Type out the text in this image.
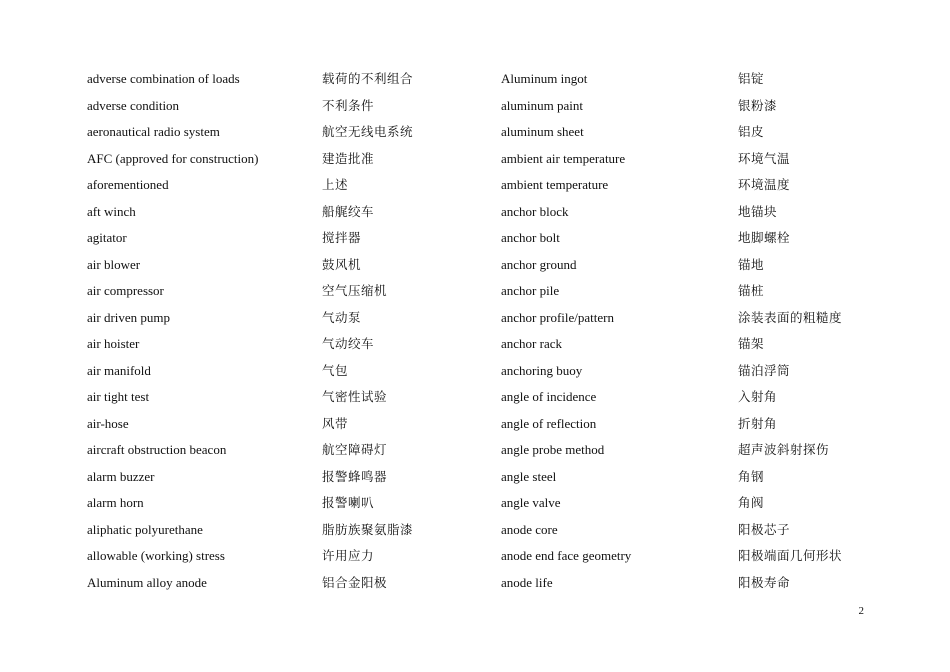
adverse combination of loads
adverse condition
aeronautical radio system
AFC (approved for construction)
aforementioned
aft winch
agitator
air blower
air compressor
air driven pump
air hoister
air manifold
air tight test
air-hose
aircraft obstruction beacon
alarm buzzer
alarm horn
aliphatic polyurethane
allowable (working) stress
Aluminum alloy anode
载荷的不利组合
不利条件
航空无线电系统
建造批准
上述
船艉绞车
搅拌器
鼓风机
空气压缩机
气动泵
气动绞车
气包
气密性试验
风带
航空障碍灯
报警蜂鸣器
报警喇叭
脂肪族聚氨脂漆
许用应力
铝合金阳极
Aluminum ingot
aluminum paint
aluminum sheet
ambient air temperature
ambient temperature
anchor block
anchor bolt
anchor ground
anchor pile
anchor profile/pattern
anchor rack
anchoring buoy
angle of incidence
angle of reflection
angle probe method
angle steel
angle valve
anode core
anode end face geometry
anode life
铝锭
银粉漆
铝皮
环境气温
环境温度
地锚块
地脚螺栓
锚地
锚桩
涂装表面的粗糙度
锚架
锚泊浮筒
入射角
折射角
超声波斜射探伤
角钢
角阀
阳极芯子
阳极端面几何形状
阳极寿命
2
